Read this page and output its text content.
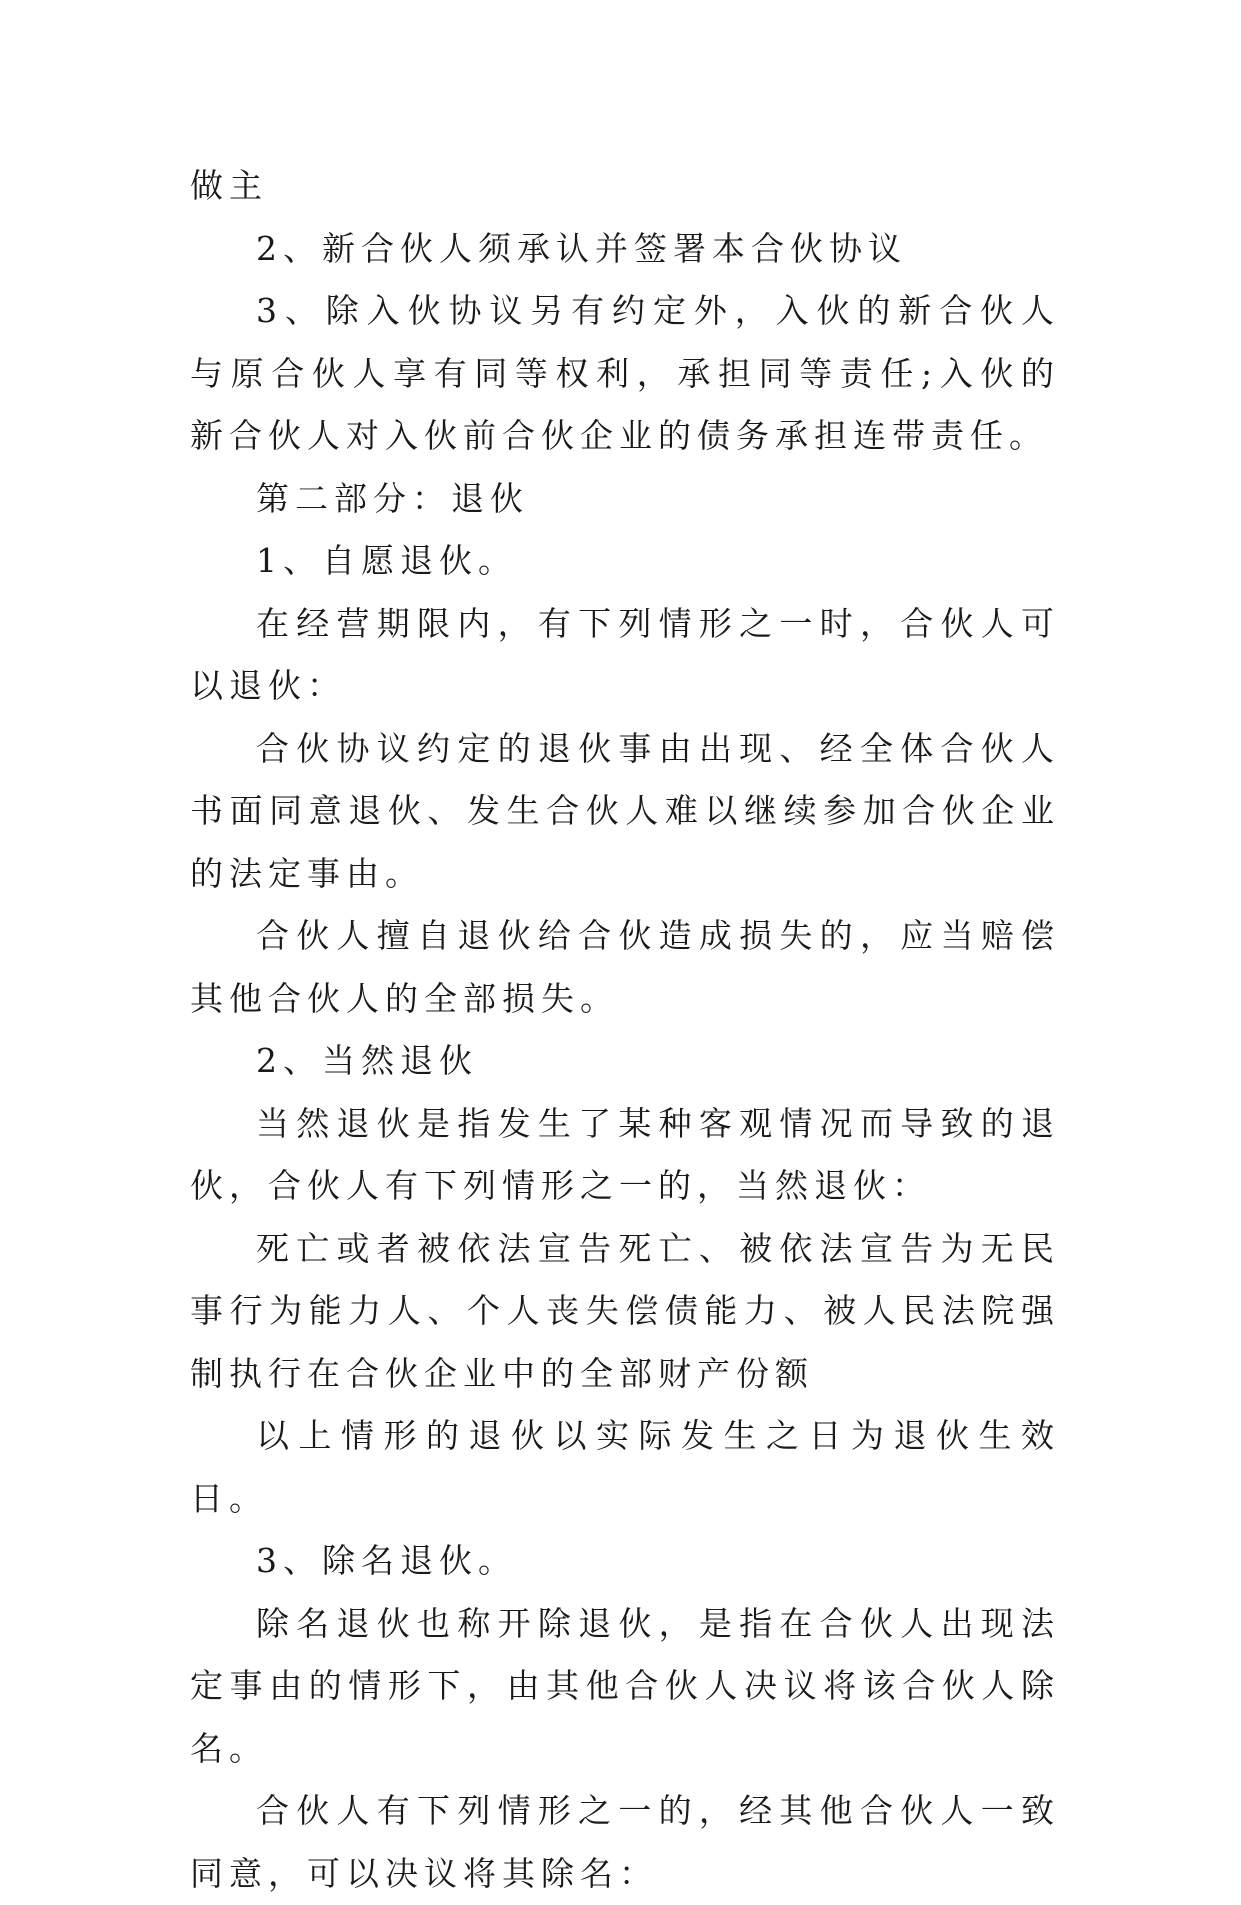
做主

2、新合伙人须承认并签署本合伙协议

3、除入伙协议另有约定外，入伙的新合伙人与原合伙人享有同等权利，承担同等责任;入伙的新合伙人对入伙前合伙企业的债务承担连带责任。

第二部分：退伙

1、自愿退伙。

在经营期限内，有下列情形之一时，合伙人可以退伙：

合伙协议约定的退伙事由出现、经全体合伙人书面同意退伙、发生合伙人难以继续参加合伙企业的法定事由。

合伙人擅自退伙给合伙造成损失的，应当赔偿其他合伙人的全部损失。

2、当然退伙

当然退伙是指发生了某种客观情况而导致的退伙，合伙人有下列情形之一的，当然退伙：

死亡或者被依法宣告死亡、被依法宣告为无民事行为能力人、个人丧失偿债能力、被人民法院强制执行在合伙企业中的全部财产份额

以上情形的退伙以实际发生之日为退伙生效日。

3、除名退伙。

除名退伙也称开除退伙，是指在合伙人出现法定事由的情形下，由其他合伙人决议将该合伙人除名。

合伙人有下列情形之一的，经其他合伙人一致同意，可以决议将其除名：
